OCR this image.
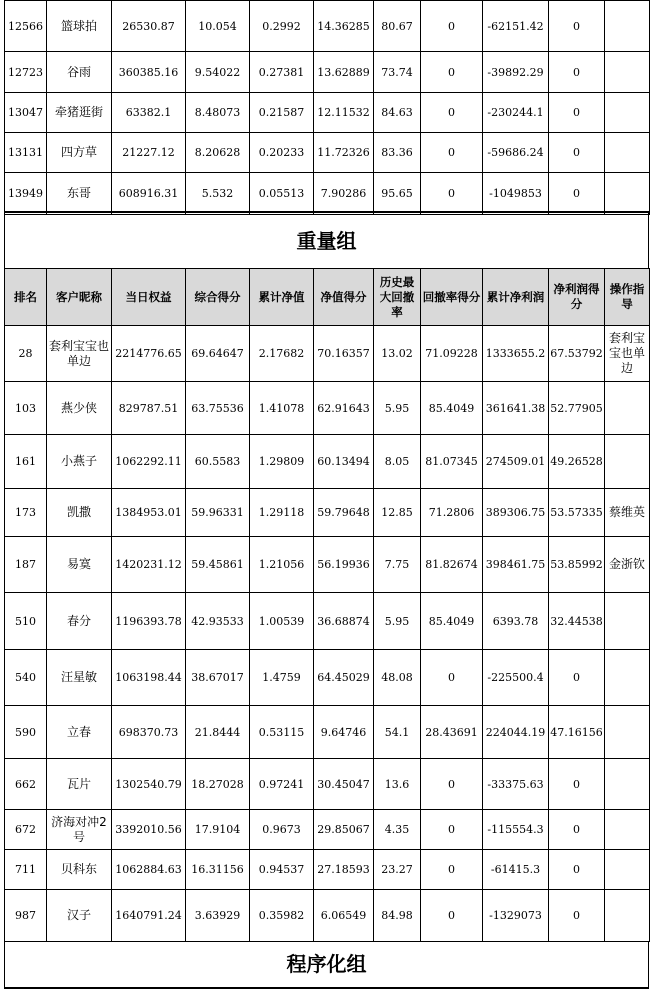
12566	篮球拍	26530.87	10.054	0.2992	14.36285	80.67	0	-62151.42	0	
12723	谷雨	360385.16	9.54022	0.27381	13.62889	73.74	0	-39892.29	0	
13047	牵猪逛街	63382.1	8.48073	0.21587	12.11532	84.63	0	-230244.1	0	
13131	四方草	21227.12	8.20628	0.20233	11.72326	83.36	0	-59686.24	0	
13949	东哥	608916.31	5.532	0.05513	7.90286	95.65	0	-1049853	0	
重量组
排名	客户昵称	当日权益	综合得分	累计净值	净值得分	历史最大回撤率	回撤率得分	累计净利润	净利润得分	操作指导
28	套利宝宝也单边	2214776.65	69.64647	2.17682	70.16357	13.02	71.09228	1333655.2	67.53792	套利宝宝也单边
103	燕少侠	829787.51	63.75536	1.41078	62.91643	5.95	85.4049	361641.38	52.77905	
161	小燕子	1062292.11	60.5583	1.29809	60.13494	8.05	81.07345	274509.01	49.26528	
173	凯撒	1384953.01	59.96331	1.29118	59.79648	12.85	71.2806	389306.75	53.57335	蔡维英
187	易寞	1420231.12	59.45861	1.21056	56.19936	7.75	81.82674	398461.75	53.85992	金浙钦
510	春分	1196393.78	42.93533	1.00539	36.68874	5.95	85.4049	6393.78	32.44538	
540	汪星敏	1063198.44	38.67017	1.4759	64.45029	48.08	0	-225500.4	0	
590	立春	698370.73	21.8444	0.53115	9.64746	54.1	28.43691	224044.19	47.16156	
662	瓦片	1302540.79	18.27028	0.97241	30.45047	13.6	0	-33375.63	0	
672	济海对冲2号	3392010.56	17.9104	0.9673	29.85067	4.35	0	-115554.3	0	
711	贝科东	1062884.63	16.31156	0.94537	27.18593	23.27	0	-61415.3	0	
987	汉子	1640791.24	3.63929	0.35982	6.06549	84.98	0	-1329073	0	
程序化组
